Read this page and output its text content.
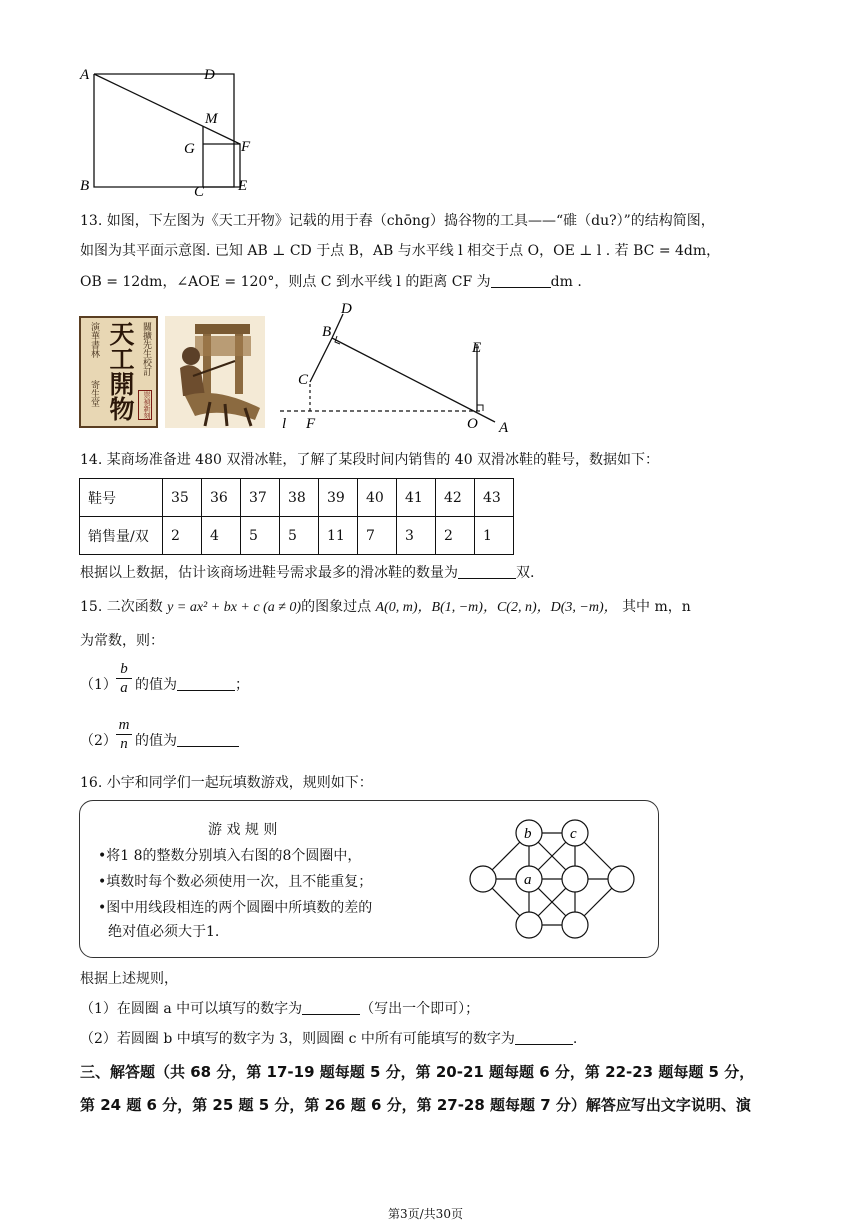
A	D
M
G	F
B	C E
13. 如图，下左图为《天工开物》记载的用于舂（chōng）捣谷物的工具——“碓（du?）”的结构简图，
如图为其平面示意图. 已知 AB ⊥ CD 于点 B，AB 与水平线 l 相交于点 O，OE ⊥ l . 若 BC = 4dm，
OB = 12dm，∠AOE = 120°，则点 C 到水平线 l 的距离 CF 为	dm .
演華書林
寄生堂 天工開物 關擴先生校訂
崇禎新刻
D
B
C
E
l F	O A
14. 某商场准备进 480 双滑冰鞋，了解了某段时间内销售的 40 双滑冰鞋的鞋号，数据如下：
鞋号	35	36	37	38	39	40	41	42	43
销售量/双	2	4	5	5	11	7	3	2	1
根据以上数据，估计该商场进鞋号需求最多的滑冰鞋的数量为	双.
15. 二次函数 y = ax² + bx + c (a ≠ 0)的图象过点 A(0, m)，B(1, −m)，C(2, n)，D(3, −m)， 其中 m，n
为常数，则：
（1）
b
a 的值为	；
（2）
m
n 的值为
16. 小宇和同学们一起玩填数游戏，规则如下：
游 戏 规 则
•将1 8的整数分别填入右图的8个圆圈中，
•填数时每个数必须使用一次，且不能重复；
•图中用线段相连的两个圆圈中所填数的差的
绝对值必须大于1.
b	c
a
根据上述规则，
（1）在圆圈 a 中可以填写的数字为	（写出一个即可）；
（2）若圆圈 b 中填写的数字为 3，则圆圈 c 中所有可能填写的数字为	.
三、解答题（共 68 分，第 17-19 题每题 5 分，第 20-21 题每题 6 分，第 22-23 题每题 5 分，
第 24 题 6 分，第 25 题 5 分，第 26 题 6 分，第 27-28 题每题 7 分）解答应写出文字说明、演
第3页/共30页
